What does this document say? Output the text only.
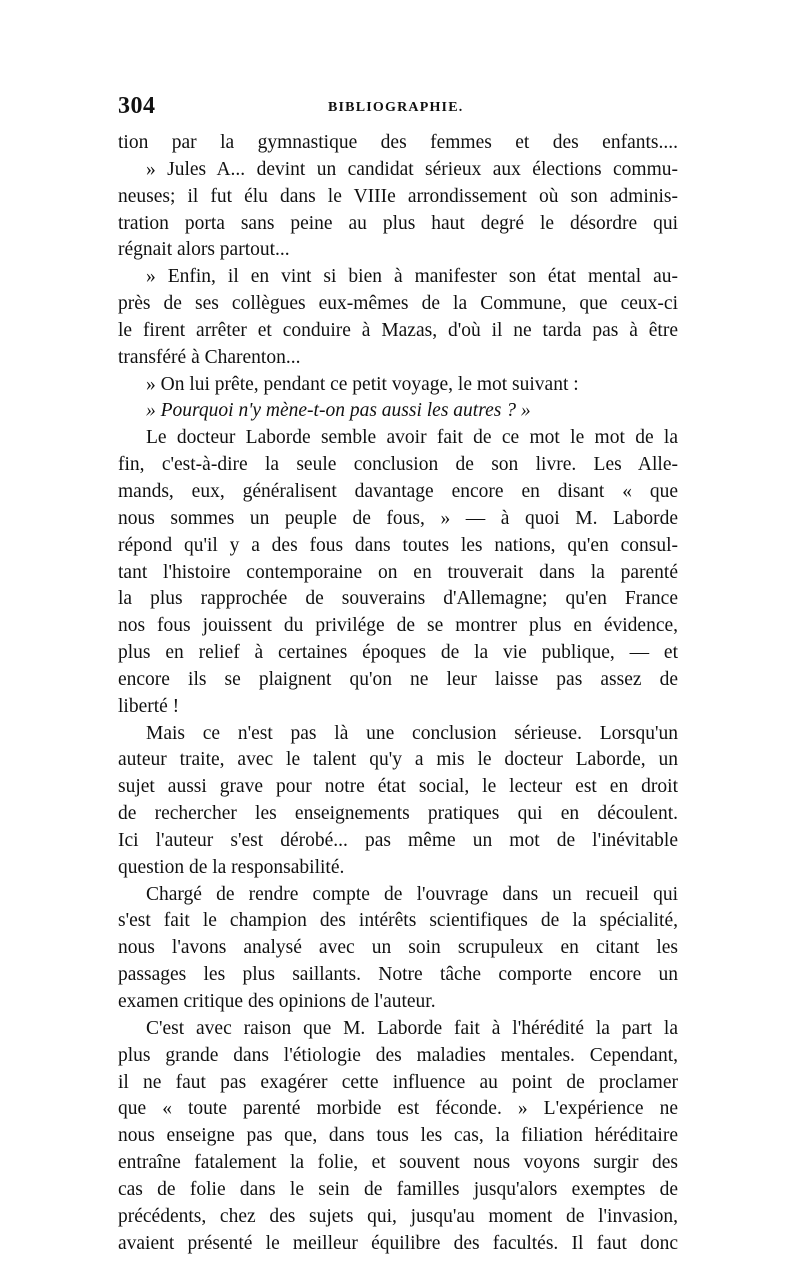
304	BIBLIOGRAPHIE.
tion par la gymnastique des femmes et des enfants....
» Jules A... devint un candidat sérieux aux élections commu-
neuses; il fut élu dans le VIIIe arrondissement où son adminis-
tration porta sans peine au plus haut degré le désordre qui
régnait alors partout...
» Enfin, il en vint si bien à manifester son état mental au-
près de ses collègues eux-mêmes de la Commune, que ceux-ci
le firent arrêter et conduire à Mazas, d'où il ne tarda pas à être
transféré à Charenton...
» On lui prête, pendant ce petit voyage, le mot suivant :
» Pourquoi n'y mène-t-on pas aussi les autres ? »
Le docteur Laborde semble avoir fait de ce mot le mot de la
fin, c'est-à-dire la seule conclusion de son livre. Les Alle-
mands, eux, généralisent davantage encore en disant « que
nous sommes un peuple de fous, » — à quoi M. Laborde
répond qu'il y a des fous dans toutes les nations, qu'en consul-
tant l'histoire contemporaine on en trouverait dans la parenté
la plus rapprochée de souverains d'Allemagne; qu'en France
nos fous jouissent du privilége de se montrer plus en évidence,
plus en relief à certaines époques de la vie publique, — et
encore ils se plaignent qu'on ne leur laisse pas assez de
liberté !
Mais ce n'est pas là une conclusion sérieuse. Lorsqu'un
auteur traite, avec le talent qu'y a mis le docteur Laborde, un
sujet aussi grave pour notre état social, le lecteur est en droit
de rechercher les enseignements pratiques qui en découlent.
Ici l'auteur s'est dérobé... pas même un mot de l'inévitable
question de la responsabilité.
Chargé de rendre compte de l'ouvrage dans un recueil qui
s'est fait le champion des intérêts scientifiques de la spécialité,
nous l'avons analysé avec un soin scrupuleux en citant les
passages les plus saillants. Notre tâche comporte encore un
examen critique des opinions de l'auteur.
C'est avec raison que M. Laborde fait à l'hérédité la part la
plus grande dans l'étiologie des maladies mentales. Cependant,
il ne faut pas exagérer cette influence au point de proclamer
que « toute parenté morbide est féconde. » L'expérience ne
nous enseigne pas que, dans tous les cas, la filiation héréditaire
entraîne fatalement la folie, et souvent nous voyons surgir des
cas de folie dans le sein de familles jusqu'alors exemptes de
précédents, chez des sujets qui, jusqu'au moment de l'invasion,
avaient présenté le meilleur équilibre des facultés. Il faut donc
